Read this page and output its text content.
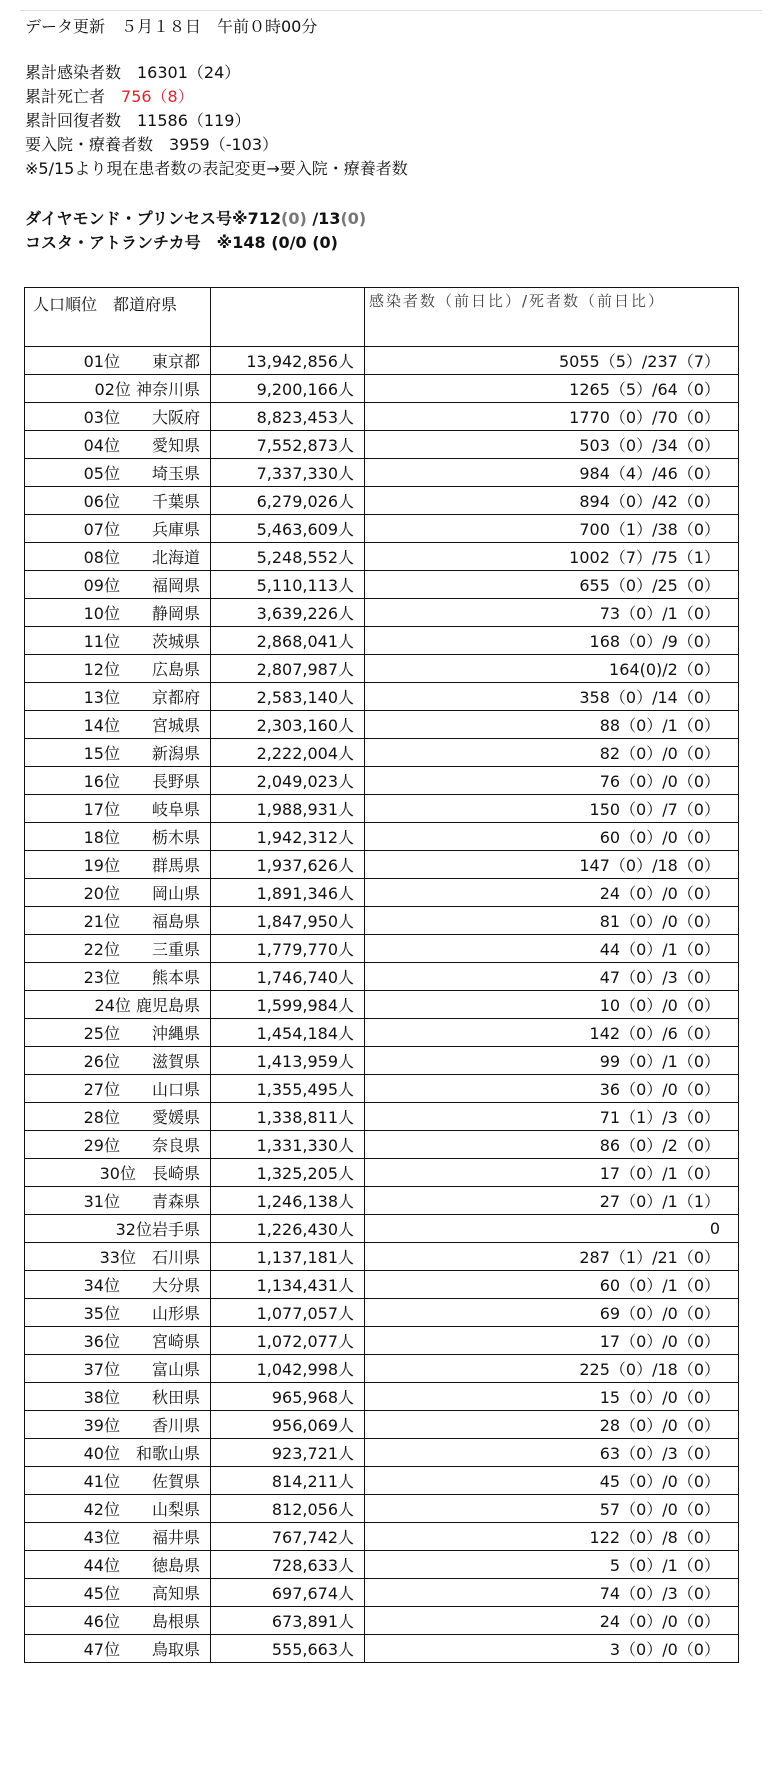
データ更新　５月１８日　午前０時00分
累計感染者数　16301（24）
累計死亡者　756（8）
累計回復者数　11586（119）
要入院・療養者数　3959（-103）
※5/15より現在患者数の表記変更→要入院・療養者数
ダイヤモンド・プリンセス号※712(0) /13(0)
コスタ・アトランチカ号　※148 (0/0 (0)
人口順位　都道府県		感染者数（前日比）/死者数（前日比）
01位　　東京都	13,942,856人	5055（5）/237（7）
02位 神奈川県	9,200,166人	1265（5）/64（0）
03位　　大阪府	8,823,453人	1770（0）/70（0）
04位　　愛知県	7,552,873人	503（0）/34（0）
05位　　埼玉県	7,337,330人	984（4）/46（0）
06位　　千葉県	6,279,026人	894（0）/42（0）
07位　　兵庫県	5,463,609人	700（1）/38（0）
08位　　北海道	5,248,552人	1002（7）/75（1）
09位　　福岡県	5,110,113人	655（0）/25（0）
10位　　静岡県	3,639,226人	73（0）/1（0）
11位　　茨城県	2,868,041人	168（0）/9（0）
12位　　広島県	2,807,987人	164(0)/2（0）
13位　　京都府	2,583,140人	358（0）/14（0）
14位　　宮城県	2,303,160人	88（0）/1（0）
15位　　新潟県	2,222,004人	82（0）/0（0）
16位　　長野県	2,049,023人	76（0）/0（0）
17位　　岐阜県	1,988,931人	150（0）/7（0）
18位　　栃木県	1,942,312人	60（0）/0（0）
19位　　群馬県	1,937,626人	147（0）/18（0）
20位　　岡山県	1,891,346人	24（0）/0（0）
21位　　福島県	1,847,950人	81（0）/0（0）
22位　　三重県	1,779,770人	44（0）/1（0）
23位　　熊本県	1,746,740人	47（0）/3（0）
24位 鹿児島県	1,599,984人	10（0）/0（0）
25位　　沖縄県	1,454,184人	142（0）/6（0）
26位　　滋賀県	1,413,959人	99（0）/1（0）
27位　　山口県	1,355,495人	36（0）/0（0）
28位　　愛媛県	1,338,811人	71（1）/3（0）
29位　　奈良県	1,331,330人	86（0）/2（0）
30位　長崎県	1,325,205人	17（0）/1（0）
31位　　青森県	1,246,138人	27（0）/1（1）
32位岩手県	1,226,430人	0
33位　石川県	1,137,181人	287（1）/21（0）
34位　　大分県	1,134,431人	60（0）/1（0）
35位　　山形県	1,077,057人	69（0）/0（0）
36位　　宮崎県	1,072,077人	17（0）/0（0）
37位　　富山県	1,042,998人	225（0）/18（0）
38位　　秋田県	965,968人	15（0）/0（0）
39位　　香川県	956,069人	28（0）/0（0）
40位　和歌山県	923,721人	63（0）/3（0）
41位　　佐賀県	814,211人	45（0）/0（0）
42位　　山梨県	812,056人	57（0）/0（0）
43位　　福井県	767,742人	122（0）/8（0）
44位　　徳島県	728,633人	5（0）/1（0）
45位　　高知県	697,674人	74（0）/3（0）
46位　　島根県	673,891人	24（0）/0（0）
47位　　鳥取県	555,663人	3（0）/0（0）
